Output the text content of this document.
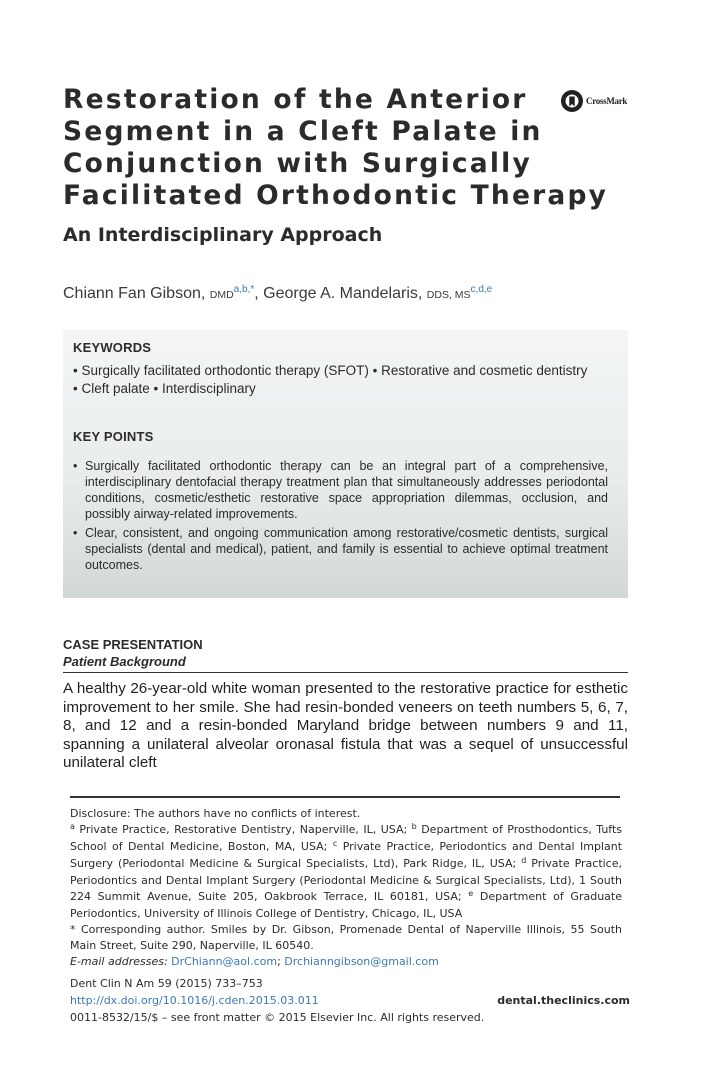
Restoration of the Anterior Segment in a Cleft Palate in Conjunction with Surgically Facilitated Orthodontic Therapy
CrossMark
An Interdisciplinary Approach
Chiann Fan Gibson, DMD$^{a,b,*}$, George A. Mandelaris, DDS, MS$^{c,d,e}$
KEYWORDS
• Surgically facilitated orthodontic therapy (SFOT) • Restorative and cosmetic dentistry
• Cleft palate • Interdisciplinary
KEY POINTS
• Surgically facilitated orthodontic therapy can be an integral part of a comprehensive, interdisciplinary dentofacial therapy treatment plan that simultaneously addresses periodontal conditions, cosmetic/esthetic restorative space appropriation dilemmas, occlusion, and possibly airway-related improvements.
• Clear, consistent, and ongoing communication among restorative/cosmetic dentists, surgical specialists (dental and medical), patient, and family is essential to achieve optimal treatment outcomes.
CASE PRESENTATION
Patient Background

A healthy 26-year-old white woman presented to the restorative practice for esthetic improvement to her smile. She had resin-bonded veneers on teeth numbers 5, 6, 7, 8, and 12 and a resin-bonded Maryland bridge between numbers 9 and 11, spanning a unilateral alveolar oronasal fistula that was a sequel of unsuccessful unilateral cleft

Disclosure: The authors have no conflicts of interest.

$^a$ Private Practice, Restorative Dentistry, Naperville, IL, USA; $^b$ Department of Prosthodontics, Tufts School of Dental Medicine, Boston, MA, USA; $^c$ Private Practice, Periodontics and Dental Implant Surgery (Periodontal Medicine & Surgical Specialists, Ltd), Park Ridge, IL, USA; $^d$ Private Practice, Periodontics and Dental Implant Surgery (Periodontal Medicine & Surgical Specialists, Ltd), 1 South 224 Summit Avenue, Suite 205, Oakbrook Terrace, IL 60181, USA; $^e$ Department of Graduate Periodontics, University of Illinois College of Dentistry, Chicago, IL, USA

* Corresponding author. Smiles by Dr. Gibson, Promenade Dental of Naperville Illinois, 55 South Main Street, Suite 290, Naperville, IL 60540.

E-mail addresses: DrChiann@aol.com; Drchianngibson@gmail.com

Dent Clin N Am 59 (2015) 733–753
http://dx.doi.org/10.1016/j.cden.2015.03.011
0011-8532/15/$ – see front matter © 2015 Elsevier Inc. All rights reserved.
dental.theclinics.com
